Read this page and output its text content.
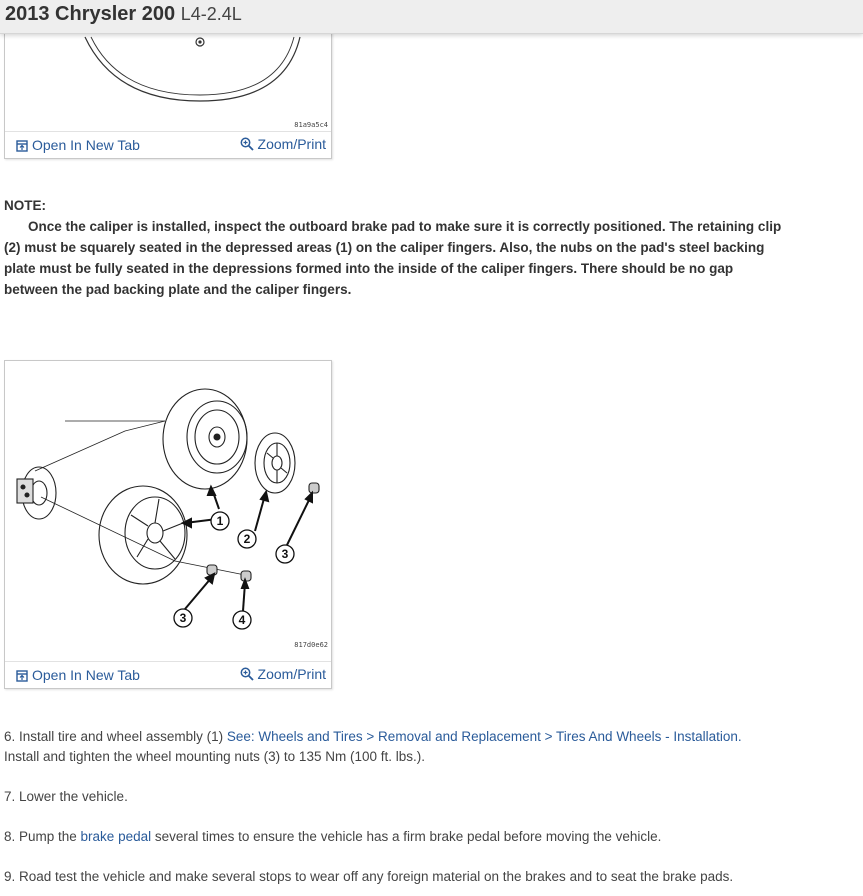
2013 Chrysler 200 L4-2.4L
81a9a5c4
Open In New Tab	Zoom/Print
NOTE:
Once the caliper is installed, inspect the outboard brake pad to make sure it is correctly positioned. The retaining clip (2) must be squarely seated in the depressed areas (1) on the caliper fingers. Also, the nubs on the pad's steel backing plate must be fully seated in the depressions formed into the inside of the caliper fingers. There should be no gap between the pad backing plate and the caliper fingers.
1
2
3
3	4
817d0e62
Open In New Tab	Zoom/Print
6. Install tire and wheel assembly (1) See: Wheels and Tires > Removal and Replacement > Tires And Wheels - Installation.
Install and tighten the wheel mounting nuts (3) to 135 Nm (100 ft. lbs.).
7. Lower the vehicle.
8. Pump the brake pedal several times to ensure the vehicle has a firm brake pedal before moving the vehicle.
9. Road test the vehicle and make several stops to wear off any foreign material on the brakes and to seat the brake pads.
